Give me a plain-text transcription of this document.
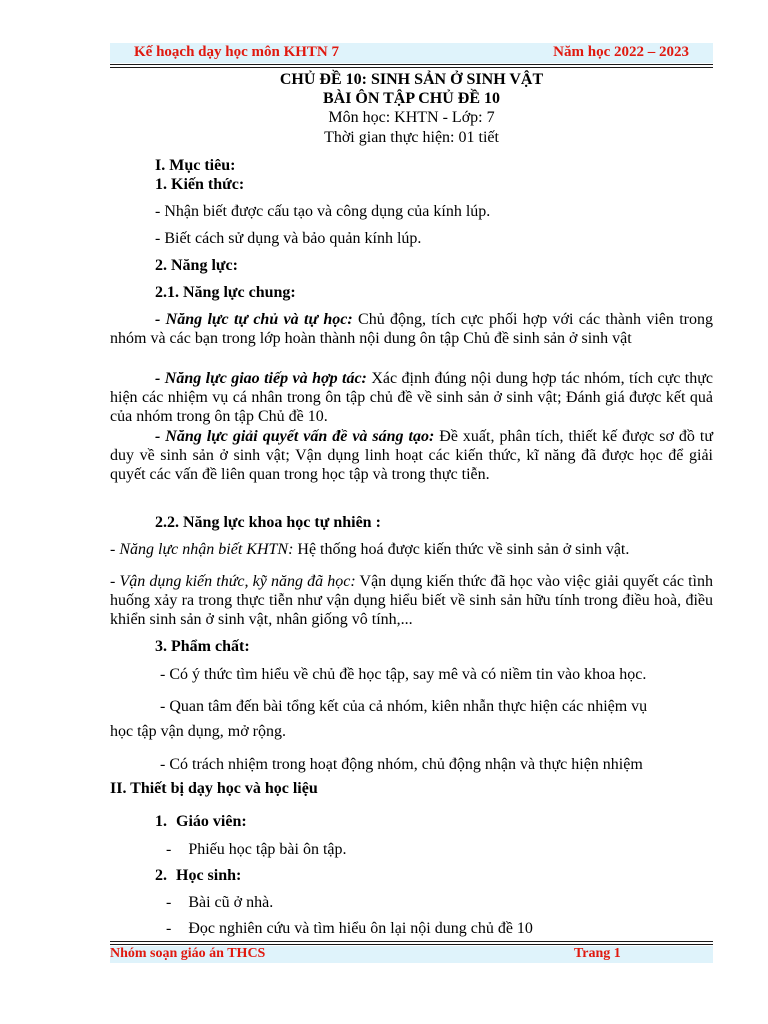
Kế hoạch dạy học môn KHTN 7	Năm học 2022 – 2023
CHỦ ĐỀ 10: SINH SẢN Ở SINH VẬT
BÀI ÔN TẬP CHỦ ĐỀ 10
Môn học: KHTN - Lớp: 7
Thời gian thực hiện: 01 tiết
I. Mục tiêu:
1. Kiến thức:
- Nhận biết được cấu tạo và công dụng của kính lúp.
- Biết cách sử dụng và bảo quản kính lúp.
2. Năng lực:
2.1. Năng lực chung:
- Năng lực tự chủ và tự học: Chủ động, tích cực phối hợp với các thành viên trong nhóm và các bạn trong lớp hoàn thành nội dung ôn tập Chủ đề sinh sản ở sinh vật
- Năng lực giao tiếp và hợp tác: Xác định đúng nội dung hợp tác nhóm, tích cực thực hiện các nhiệm vụ cá nhân trong ôn tập chủ đề về sinh sản ở sinh vật; Đánh giá được kết quả của nhóm trong ôn tập Chủ đề 10.
- Năng lực giải quyết vấn đề và sáng tạo: Đề xuất, phân tích, thiết kế được sơ đồ tư duy về sinh sản ở sinh vật; Vận dụng linh hoạt các kiến thức, kĩ năng đã được học để giải quyết các vấn đề liên quan trong học tập và trong thực tiễn.
2.2. Năng lực khoa học tự nhiên :
- Năng lực nhận biết KHTN: Hệ thống hoá được kiến thức về sinh sản ở sinh vật.
- Vận dụng kiến thức, kỹ năng đã học: Vận dụng kiến thức đã học vào việc giải quyết các tình huống xảy ra trong thực tiễn như vận dụng hiểu biết về sinh sản hữu tính trong điều hoà, điều khiển sinh sản ở sinh vật, nhân giống vô tính,...
3. Phẩm chất:
- Có ý thức tìm hiểu về chủ đề học tập, say mê và có niềm tin vào khoa học.
- Quan tâm đến bài tổng kết của cả nhóm, kiên nhẫn thực hiện các nhiệm vụ
học tập vận dụng, mở rộng.
- Có trách nhiệm trong hoạt động nhóm, chủ động nhận và thực hiện nhiệm
II. Thiết bị dạy học và học liệu
1. Giáo viên:
- Phiếu học tập bài ôn tập.
2. Học sinh:
- Bài cũ ở nhà.
- Đọc nghiên cứu và tìm hiểu ôn lại nội dung chủ đề 10
Nhóm soạn giáo án THCS	Trang 1
